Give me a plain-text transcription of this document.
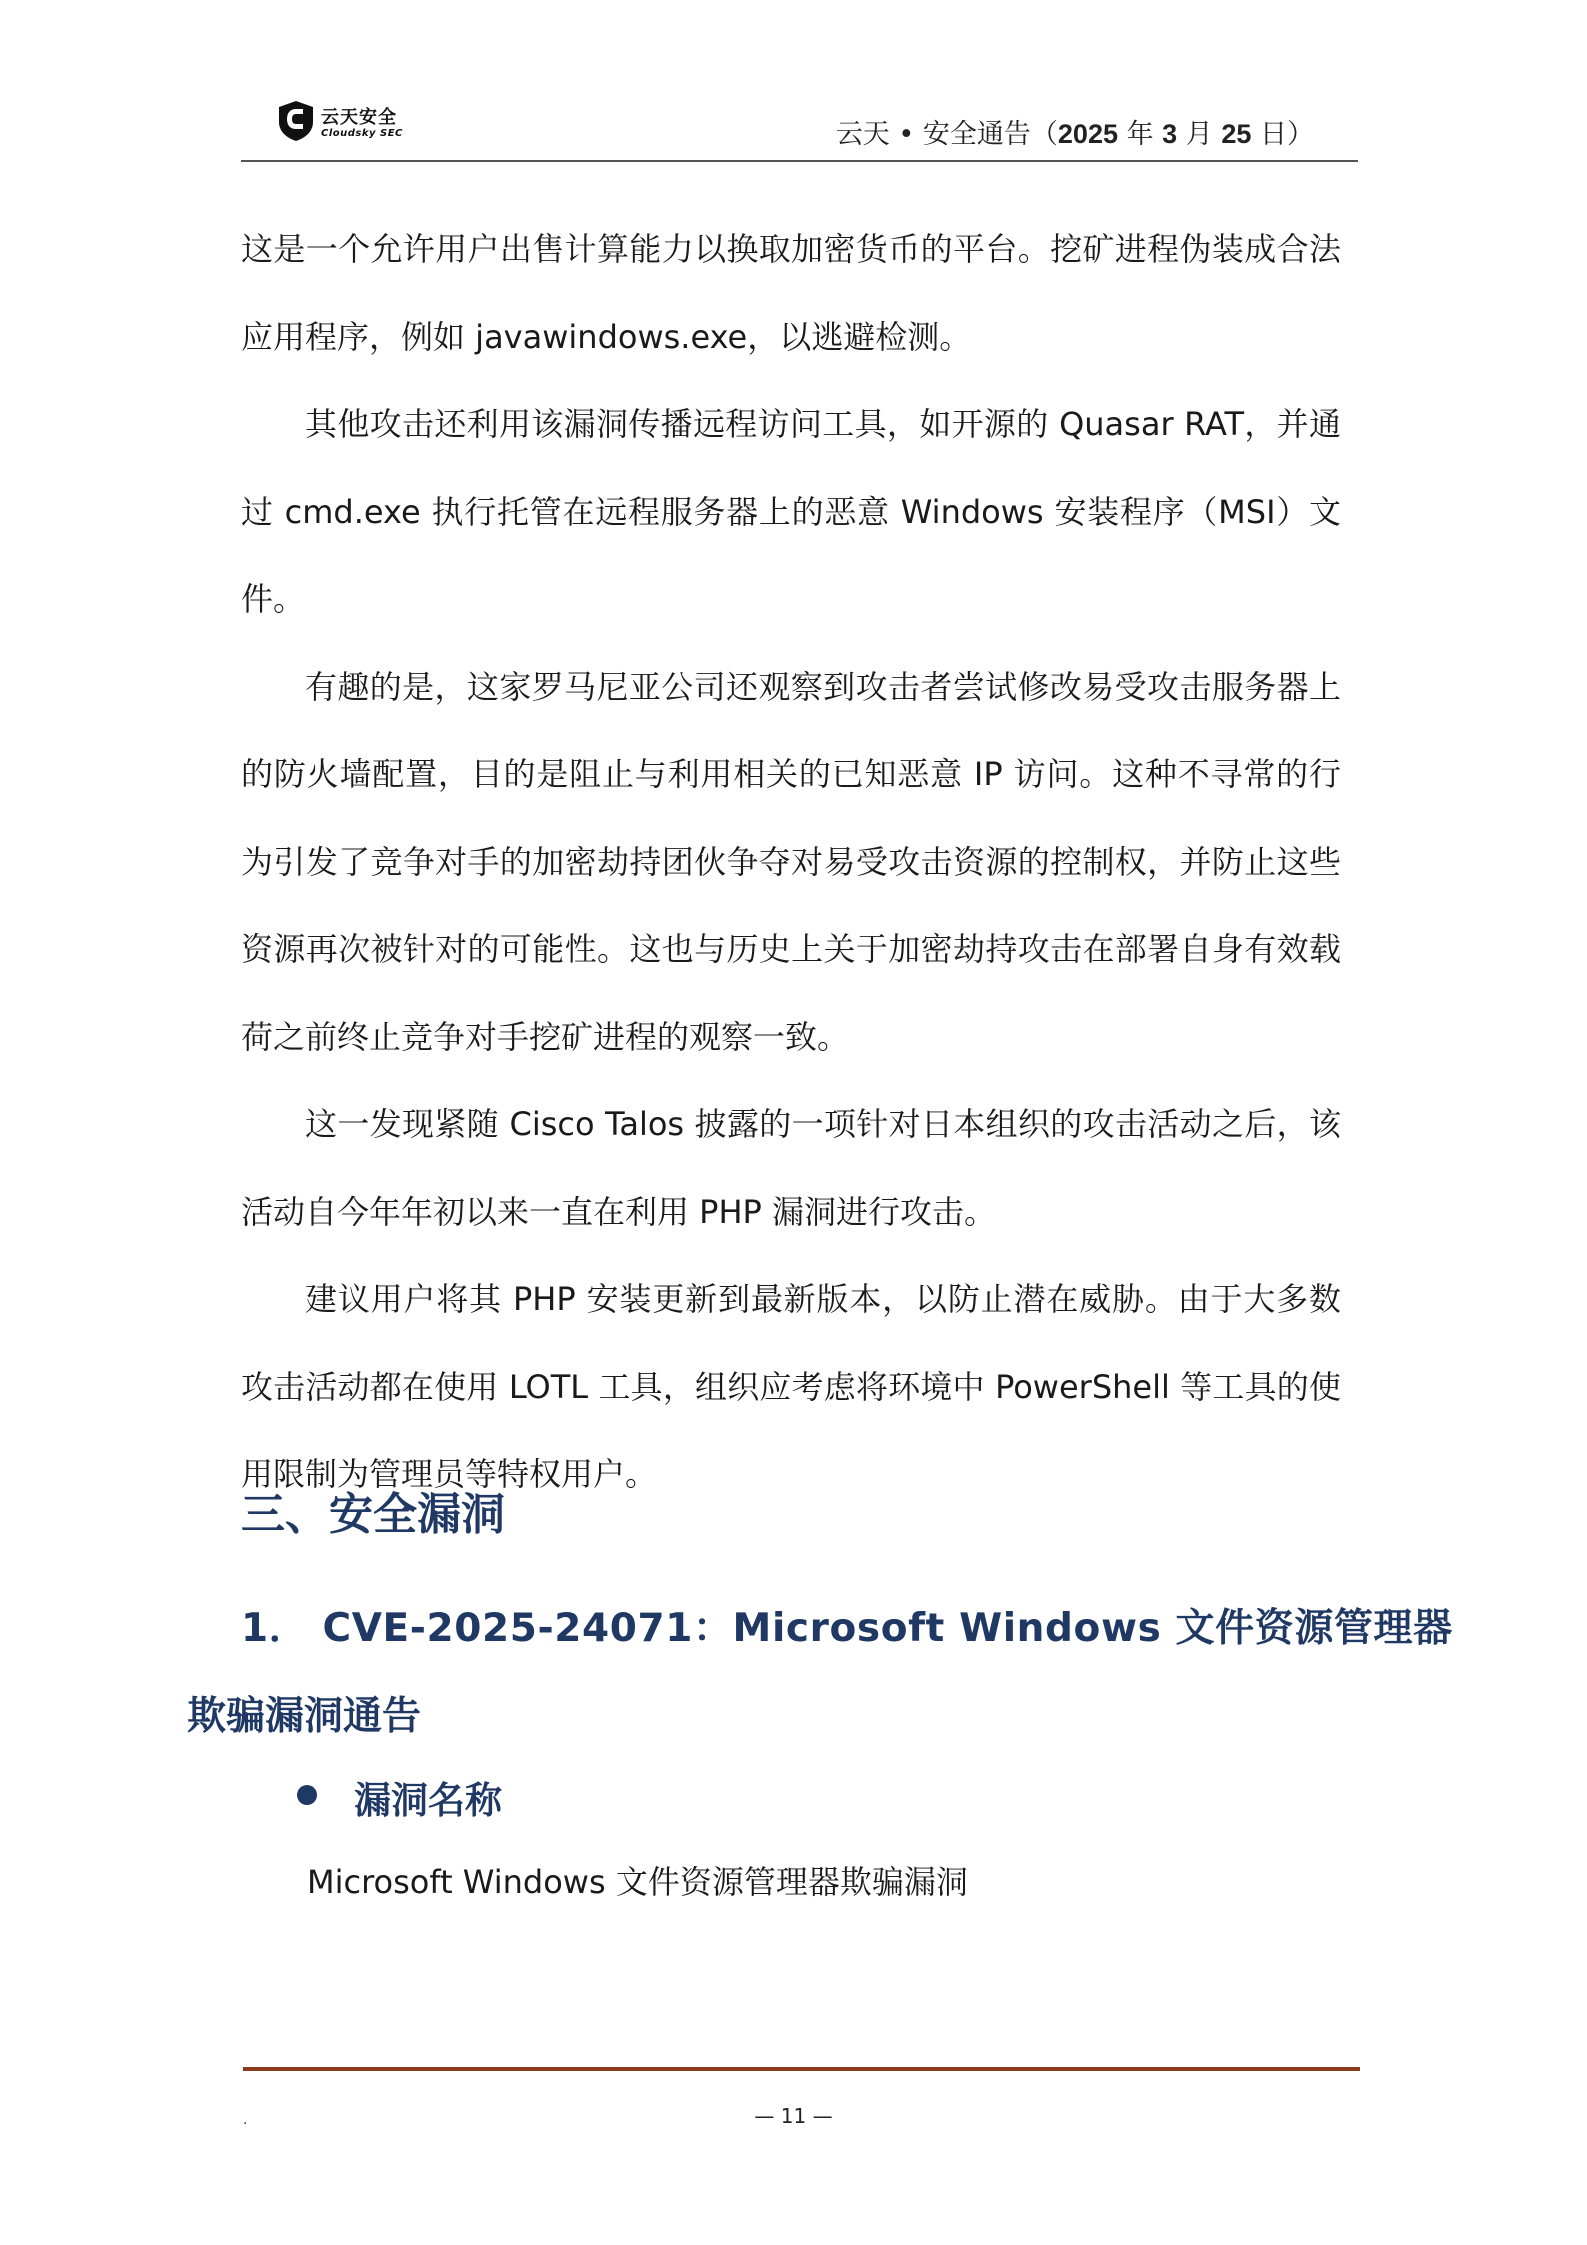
云天安全
Cloudsky SEC	云天 • 安全通告（2025 年 3 月 25 日）

这是一个允许用户出售计算能力以换取加密货币的平台。挖矿进程伪装成合法应用程序，例如 javawindows.exe，以逃避检测。

其他攻击还利用该漏洞传播远程访问工具，如开源的 Quasar RAT，并通过 cmd.exe 执行托管在远程服务器上的恶意 Windows 安装程序（MSI）文件。

有趣的是，这家罗马尼亚公司还观察到攻击者尝试修改易受攻击服务器上的防火墙配置，目的是阻止与利用相关的已知恶意 IP 访问。这种不寻常的行为引发了竞争对手的加密劫持团伙争夺对易受攻击资源的控制权，并防止这些资源再次被针对的可能性。这也与历史上关于加密劫持攻击在部署自身有效载荷之前终止竞争对手挖矿进程的观察一致。

这一发现紧随 Cisco Talos 披露的一项针对日本组织的攻击活动之后，该活动自今年年初以来一直在利用 PHP 漏洞进行攻击。

建议用户将其 PHP 安装更新到最新版本，以防止潜在威胁。由于大多数攻击活动都在使用 LOTL 工具，组织应考虑将环境中 PowerShell 等工具的使用限制为管理员等特权用户。

三、安全漏洞
1． CVE-2025-24071：Microsoft Windows 文件资源管理器
欺骗漏洞通告
漏洞名称
Microsoft Windows 文件资源管理器欺骗漏洞
.	— 11 —
